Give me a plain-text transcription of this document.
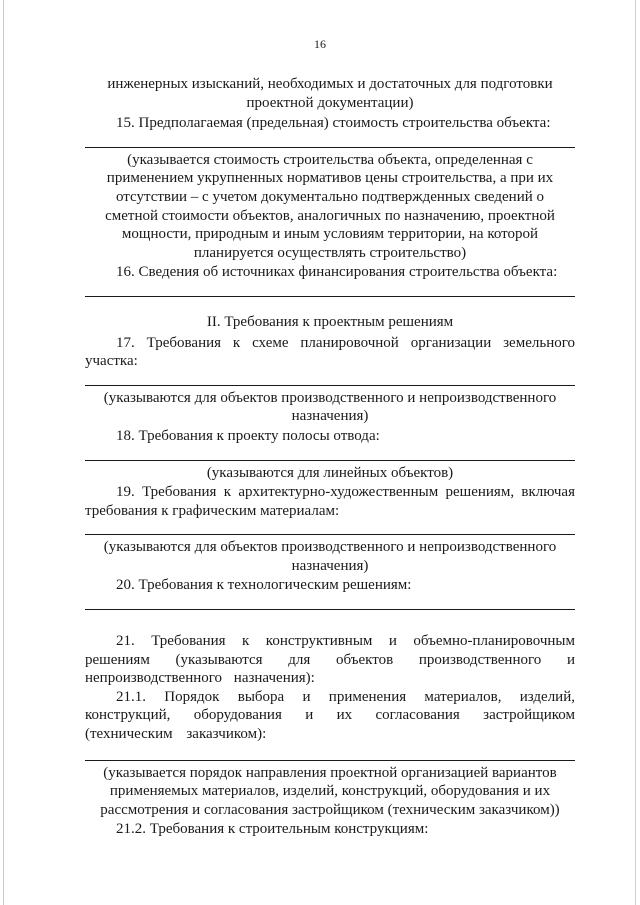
16
инженерных изысканий, необходимых и достаточных для подготовки проектной документации)

15. Предполагаемая (предельная) стоимость строительства объекта:

(указывается стоимость строительства объекта, определенная с применением укрупненных нормативов цены строительства, а при их отсутствии – с учетом документально подтвержденных сведений о сметной стоимости объектов, аналогичных по назначению, проектной мощности, природным и иным условиям территории, на которой планируется осуществлять строительство)

16. Сведения об источниках финансирования строительства объекта:

II. Требования к проектным решениям

17. Требования к схеме планировочной организации земельного участка:

(указываются для объектов производственного и непроизводственного назначения)

18. Требования к проекту полосы отвода:

(указываются для линейных объектов)

19. Требования к архитектурно-художественным решениям, включая требования к графическим материалам:

(указываются для объектов производственного и непроизводственного назначения)

20. Требования к технологическим решениям:

21. Требования к конструктивным и объемно-планировочным решениям (указываются для объектов производственного и непроизводственного назначения):

21.1. Порядок выбора и применения материалов, изделий, конструкций, оборудования и их согласования застройщиком (техническим заказчиком):

(указывается порядок направления проектной организацией вариантов применяемых материалов, изделий, конструкций, оборудования и их рассмотрения и согласования застройщиком (техническим заказчиком))

21.2. Требования к строительным конструкциям:
